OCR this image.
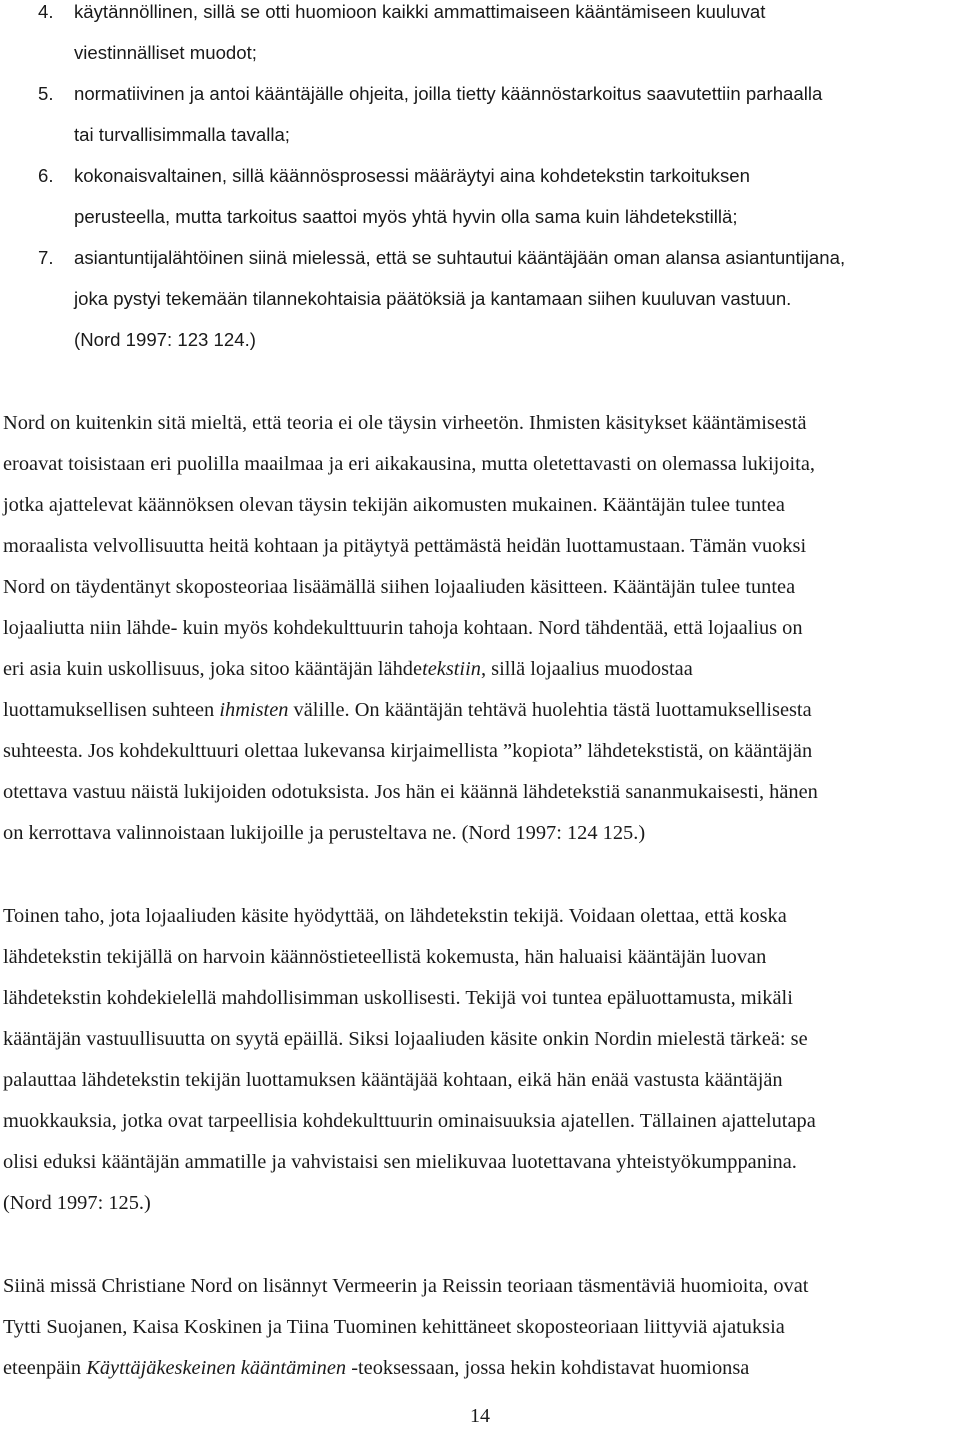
4. käytännöllinen, sillä se otti huomioon kaikki ammattimaiseen kääntämiseen kuuluvat
viestinnälliset muodot;
5. normatiivinen ja antoi kääntäjälle ohjeita, joilla tietty käännöstarkoitus saavutettiin parhaalla
tai turvallisimmalla tavalla;
6. kokonaisvaltainen, sillä käännösprosessi määräytyi aina kohdetekstin tarkoituksen
perusteella, mutta tarkoitus saattoi myös yhtä hyvin olla sama kuin lähdetekstillä;
7. asiantuntijalähtöinen siinä mielessä, että se suhtautui kääntäjään oman alansa asiantuntijana,
joka pystyi tekemään tilannekohtaisia päätöksiä ja kantamaan siihen kuuluvan vastuun.
(Nord 1997: 123 124.)
Nord on kuitenkin sitä mieltä, että teoria ei ole täysin virheetön. Ihmisten käsitykset kääntämisestä
eroavat toisistaan eri puolilla maailmaa ja eri aikakausina, mutta oletettavasti on olemassa lukijoita,
jotka ajattelevat käännöksen olevan täysin tekijän aikomusten mukainen. Kääntäjän tulee tuntea
moraalista velvollisuutta heitä kohtaan ja pitäytyä pettämästä heidän luottamustaan. Tämän vuoksi
Nord on täydentänyt skoposteoriaa lisäämällä siihen lojaaliuden käsitteen. Kääntäjän tulee tuntea
lojaaliutta niin lähde- kuin myös kohdekulttuurin tahoja kohtaan. Nord tähdentää, että lojaalius on
eri asia kuin uskollisuus, joka sitoo kääntäjän lähdetekstiin, sillä lojaalius muodostaa
luottamuksellisen suhteen ihmisten välille. On kääntäjän tehtävä huolehtia tästä luottamuksellisesta
suhteesta. Jos kohdekulttuuri olettaa lukevansa kirjaimellista ”kopiota” lähdetekstistä, on kääntäjän
otettava vastuu näistä lukijoiden odotuksista. Jos hän ei käännä lähdetekstiä sananmukaisesti, hänen
on kerrottava valinnoistaan lukijoille ja perusteltava ne. (Nord 1997: 124 125.)
Toinen taho, jota lojaaliuden käsite hyödyttää, on lähdetekstin tekijä. Voidaan olettaa, että koska
lähdetekstin tekijällä on harvoin käännöstieteellistä kokemusta, hän haluaisi kääntäjän luovan
lähdetekstin kohdekielellä mahdollisimman uskollisesti. Tekijä voi tuntea epäluottamusta, mikäli
kääntäjän vastuullisuutta on syytä epäillä. Siksi lojaaliuden käsite onkin Nordin mielestä tärkeä: se
palauttaa lähdetekstin tekijän luottamuksen kääntäjää kohtaan, eikä hän enää vastusta kääntäjän
muokkauksia, jotka ovat tarpeellisia kohdekulttuurin ominaisuuksia ajatellen. Tällainen ajattelutapa
olisi eduksi kääntäjän ammatille ja vahvistaisi sen mielikuvaa luotettavana yhteistyökumppanina.
(Nord 1997: 125.)
Siinä missä Christiane Nord on lisännyt Vermeerin ja Reissin teoriaan täsmentäviä huomioita, ovat
Tytti Suojanen, Kaisa Koskinen ja Tiina Tuominen kehittäneet skoposteoriaan liittyviä ajatuksia
eteenpäin Käyttäjäkeskeinen kääntäminen -teoksessaan, jossa hekin kohdistavat huomionsa
14
